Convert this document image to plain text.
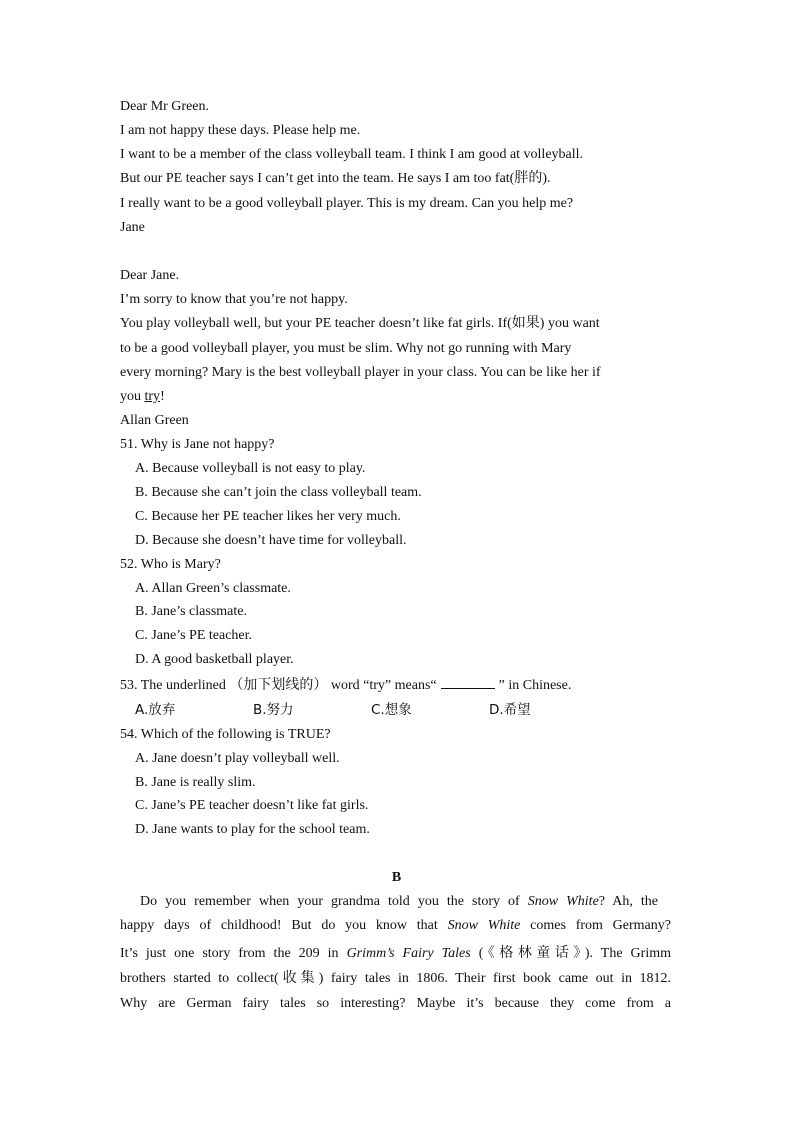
Dear Mr Green.
I am not happy these days. Please help me.
I want to be a member of the class volleyball team. I think I am good at volleyball.
But our PE teacher says I can’t get into the team. He says I am too fat(胖的).
I really want to be a good volleyball player. This is my dream. Can you help me?
Jane
Dear Jane.
I’m sorry to know that you’re not happy.
You play volleyball well, but your PE teacher doesn’t like fat girls. If(如果) you want
to be a good volleyball player, you must be slim. Why not go running with Mary
every morning? Mary is the best volleyball player in your class. You can be like her if
you try!
Allan Green
51. Why is Jane not happy?
A. Because volleyball is not easy to play.
B. Because she can’t join the class volleyball team.
C. Because her PE teacher likes her very much.
D. Because she doesn’t have time for volleyball.
52. Who is Mary?
A. Allan Green’s classmate.
B. Jane’s classmate.
C. Jane’s PE teacher.
D. A good basketball player.
53. The underlined （加下划线的） word “try” means“	” in Chinese.
A.放弃	B.努力	C.想象	D.希望
54. Which of the following is TRUE?
A. Jane doesn’t play volleyball well.
B. Jane is really slim.
C. Jane’s PE teacher doesn’t like fat girls.
D. Jane wants to play for the school team.
B
Do you remember when your grandma told you the story of Snow White? Ah, the
happy days of childhood! But do you know that Snow White comes from Germany?
It’s just one story from the 209 in Grimm’s Fairy Tales (《格林童话》). The Grimm
brothers started to collect(收集) fairy tales in 1806. Their first book came out in 1812.
Why are German fairy tales so interesting? Maybe it’s because they come from a
